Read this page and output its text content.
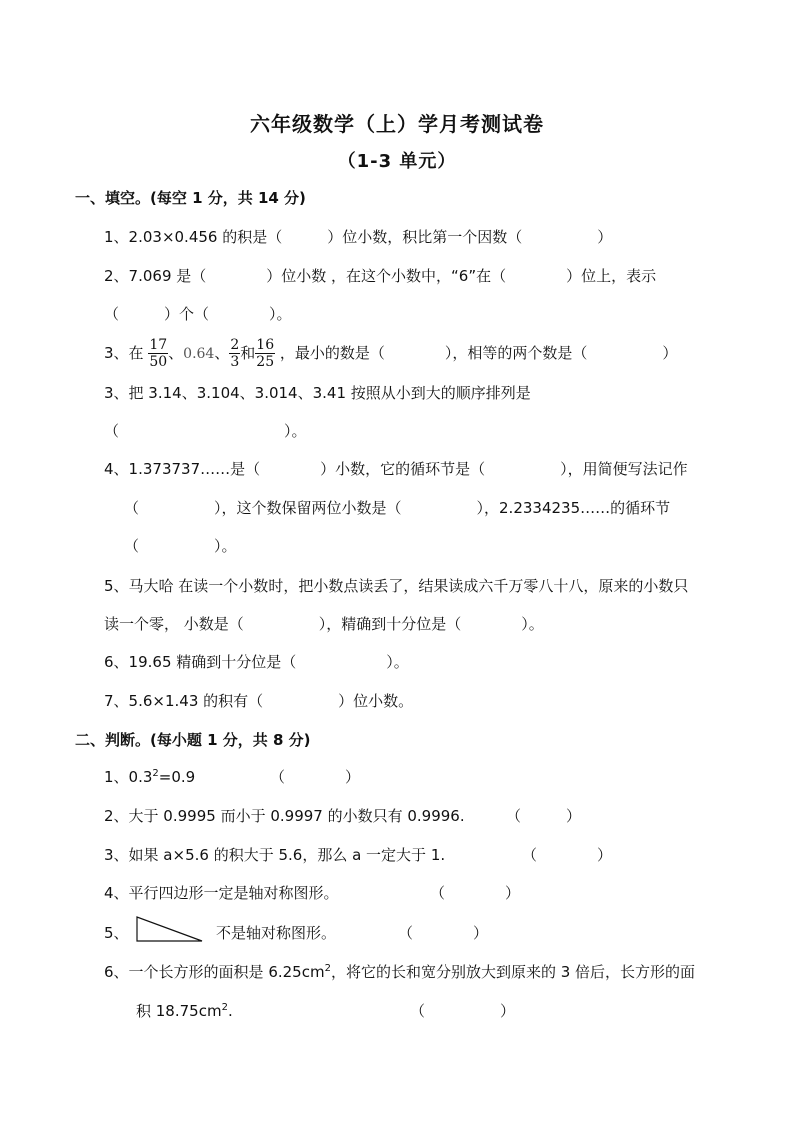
六年级数学（上）学月考测试卷
（1-3 单元）
一、填空。(每空 1 分，共 14 分)
1、2.03×0.456 的积是（　　　）位小数，积比第一个因数（　　　　　）
2、7.069 是（　　　　）位小数 ，在这个小数中，“6”在（　　　　）位上，表示
（　　　）个（　　　　）。
3、在 $\frac{17}{50}$ 、0.64、 $\frac{2}{3}$ 和 $\frac{16}{25}$ ，最小的数是（　　　　），相等的两个数是（　　　　　）
3、把 3.14、3.104、3.014、3.41 按照从小到大的顺序排列是
（　　　　　　　　　　　）。
4、1.373737……是（　　　　）小数，它的循环节是（　　　　　），用简便写法记作
（　　　　　），这个数保留两位小数是（　　　　　），2.2334235……的循环节
（　　　　　）。
5、马大哈 在读一个小数时，把小数点读丢了，结果读成六千万零八十八，原来的小数只
读一个零， 小数是（　　　　　），精确到十分位是（　　　　）。
6、19.65 精确到十分位是（　　　　　　）。
7、5.6×1.43 的积有（　　　　　）位小数。
二、判断。(每小题 1 分，共 8 分)
1、$0.3^2=0.9$	（　　　　）
2、大于 0.9995 而小于 0.9997 的小数只有 0.9996.	（　　　）
3、如果 a×5.6 的积大于 5.6，那么 a 一定大于 1.	（　　　　）
4、平行四边形一定是轴对称图形。	（　　　　）
5、	不是轴对称图形。	（　　　　）
6、一个长方形的面积是 $6.25cm^2$，将它的长和宽分别放大到原来的 3 倍后，长方形的面
积 $18.75cm^2$.	（　　　　　）
